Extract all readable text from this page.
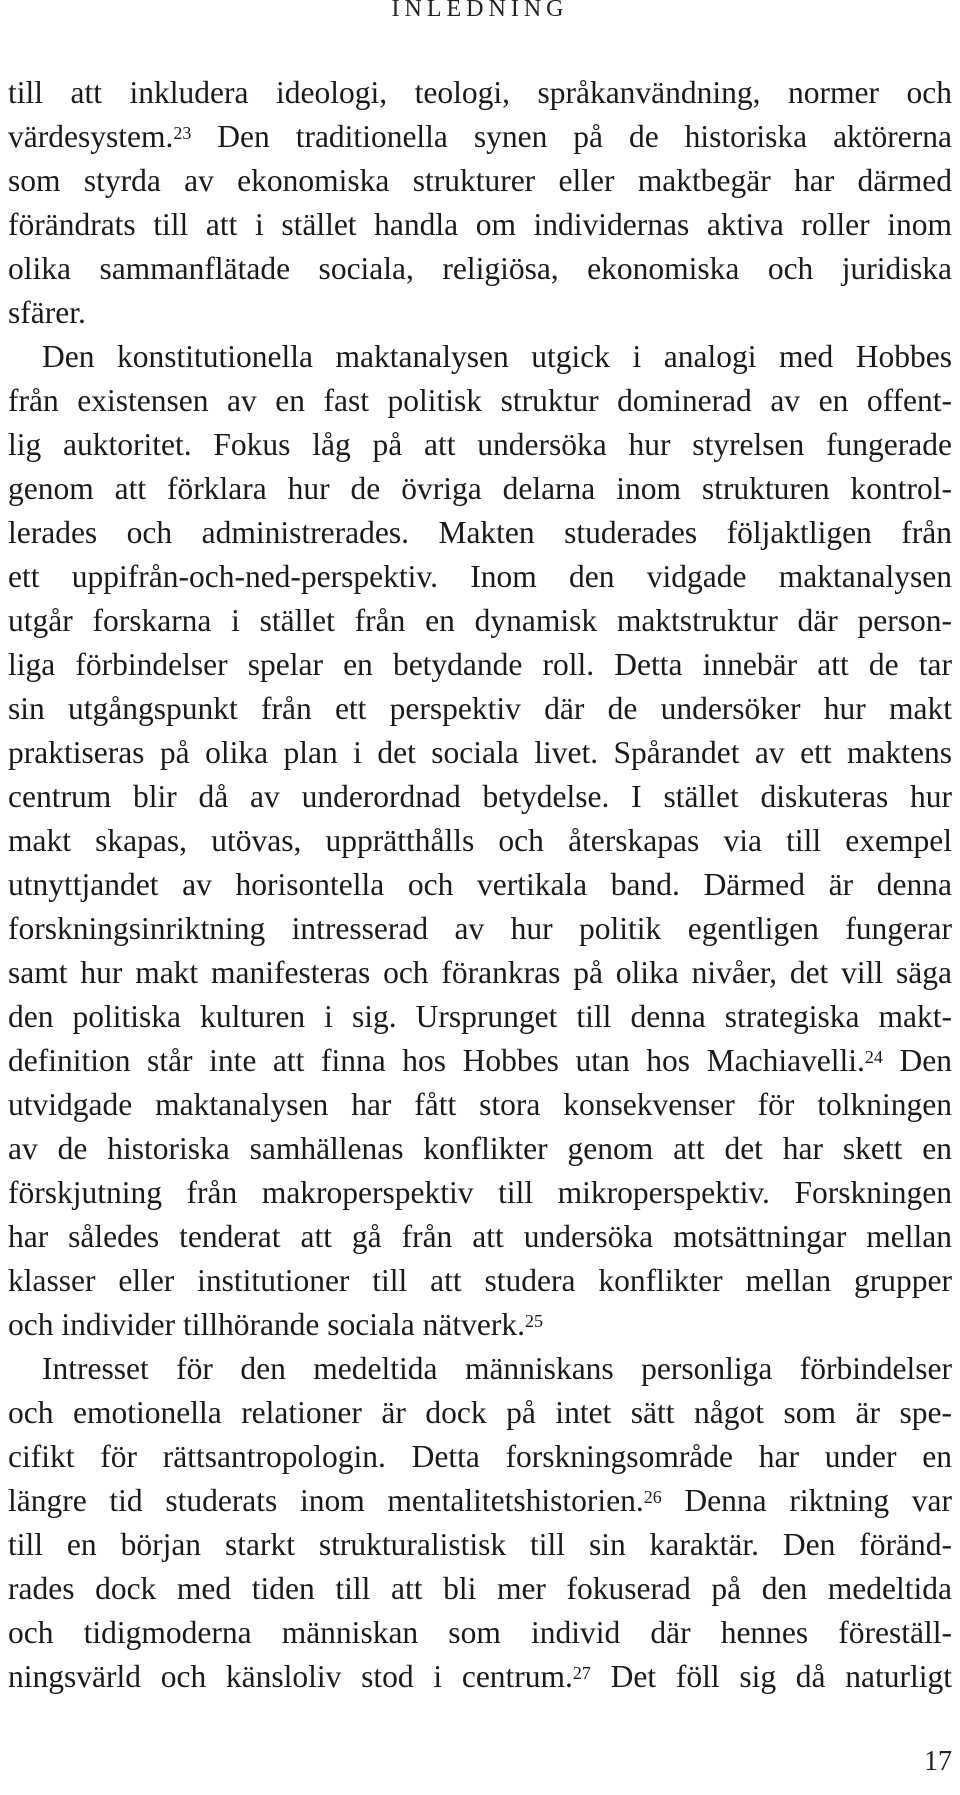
INLEDNING
till att inkludera ideologi, teologi, språkanvändning, normer och
värdesystem.$^{23}$ Den traditionella synen på de historiska aktörerna
som styrda av ekonomiska strukturer eller maktbegär har därmed
förändrats till att i stället handla om individernas aktiva roller inom
olika sammanflätade sociala, religiösa, ekonomiska och juridiska
sfärer.
Den konstitutionella maktanalysen utgick i analogi med Hobbes
från existensen av en fast politisk struktur dominerad av en offent-
lig auktoritet. Fokus låg på att undersöka hur styrelsen fungerade
genom att förklara hur de övriga delarna inom strukturen kontrol-
lerades och administrerades. Makten studerades följaktligen från
ett uppifrån-och-ned-perspektiv. Inom den vidgade maktanalysen
utgår forskarna i stället från en dynamisk maktstruktur där person-
liga förbindelser spelar en betydande roll. Detta innebär att de tar
sin utgångspunkt från ett perspektiv där de undersöker hur makt
praktiseras på olika plan i det sociala livet. Spårandet av ett maktens
centrum blir då av underordnad betydelse. I stället diskuteras hur
makt skapas, utövas, upprätthålls och återskapas via till exempel
utnyttjandet av horisontella och vertikala band. Därmed är denna
forskningsinriktning intresserad av hur politik egentligen fungerar
samt hur makt manifesteras och förankras på olika nivåer, det vill säga
den politiska kulturen i sig. Ursprunget till denna strategiska makt-
definition står inte att finna hos Hobbes utan hos Machiavelli.$^{24}$ Den
utvidgade maktanalysen har fått stora konsekvenser för tolkningen
av de historiska samhällenas konflikter genom att det har skett en
förskjutning från makroperspektiv till mikroperspektiv. Forskningen
har således tenderat att gå från att undersöka motsättningar mellan
klasser eller institutioner till att studera konflikter mellan grupper
och individer tillhörande sociala nätverk.$^{25}$
Intresset för den medeltida människans personliga förbindelser
och emotionella relationer är dock på intet sätt något som är spe-
cifikt för rättsantropologin. Detta forskningsområde har under en
längre tid studerats inom mentalitetshistorien.$^{26}$ Denna riktning var
till en början starkt strukturalistisk till sin karaktär. Den föränd-
rades dock med tiden till att bli mer fokuserad på den medeltida
och tidigmoderna människan som individ där hennes föreställ-
ningsvärld och känsloliv stod i centrum.$^{27}$ Det föll sig då naturligt
17
